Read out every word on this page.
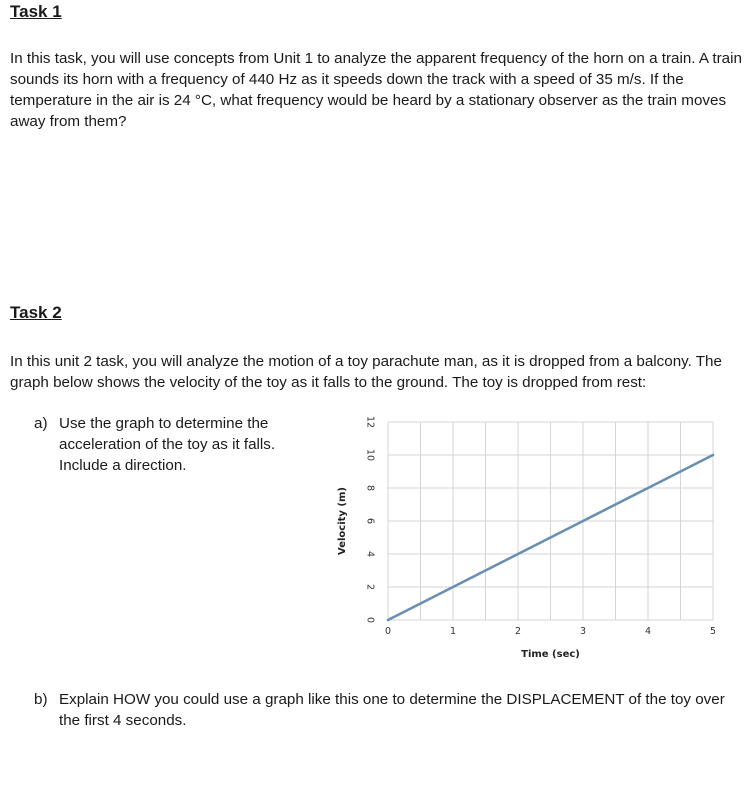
Task 1

In this task, you will use concepts from Unit 1 to analyze the apparent frequency of the horn on a train. A train sounds its horn with a frequency of 440 Hz as it speeds down the track with a speed of 35 m/s. If the temperature in the air is 24 °C, what frequency would be heard by a stationary observer as the train moves away from them?

Task 2

In this unit 2 task, you will analyze the motion of a toy parachute man, as it is dropped from a balcony. The graph below shows the velocity of the toy as it falls to the ground. The toy is dropped from rest:

a) Use the graph to determine the acceleration of the toy as it falls. Include a direction.
0
2
4
6
8
10
12
0	1	2	3	4	5
Time (sec)
Velocity (m)
b) Explain HOW you could use a graph like this one to determine the DISPLACEMENT of the toy over the first 4 seconds.
